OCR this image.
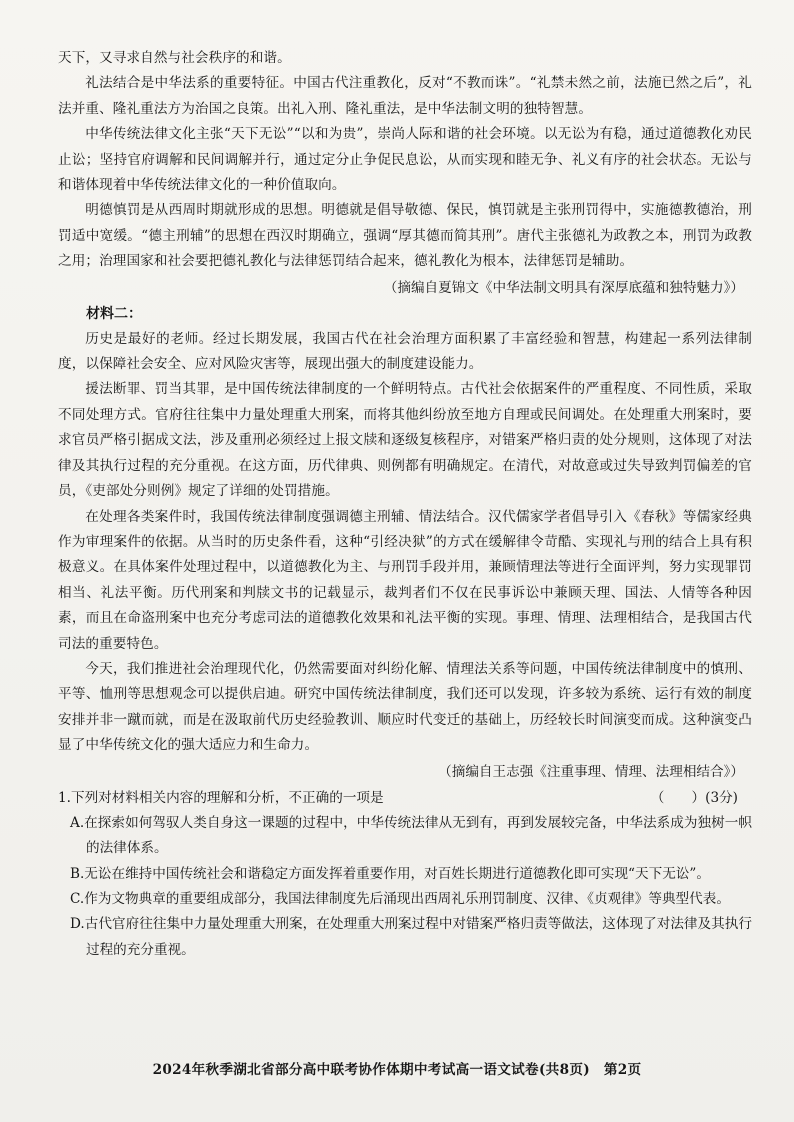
天下，又寻求自然与社会秩序的和谐。

礼法结合是中华法系的重要特征。中国古代注重教化，反对“不教而诛”。“礼禁未然之前，法施已然之后”，礼法并重、隆礼重法方为治国之良策。出礼入刑、隆礼重法，是中华法制文明的独特智慧。

中华传统法律文化主张“天下无讼”“以和为贵”，崇尚人际和谐的社会环境。以无讼为有稳，通过道德教化劝民止讼；坚持官府调解和民间调解并行，通过定分止争促民息讼，从而实现和睦无争、礼义有序的社会状态。无讼与和谐体现着中华传统法律文化的一种价值取向。

明德慎罚是从西周时期就形成的思想。明德就是倡导敬德、保民，慎罚就是主张刑罚得中，实施德教德治，刑罚适中宽缓。“德主刑辅”的思想在西汉时期确立，强调“厚其德而简其刑”。唐代主张德礼为政教之本，刑罚为政教之用；治理国家和社会要把德礼教化与法律惩罚结合起来，德礼教化为根本，法律惩罚是辅助。

（摘编自夏锦文《中华法制文明具有深厚底蕴和独特魅力》）

材料二：

历史是最好的老师。经过长期发展，我国古代在社会治理方面积累了丰富经验和智慧，构建起一系列法律制度，以保障社会安全、应对风险灾害等，展现出强大的制度建设能力。

援法断罪、罚当其罪，是中国传统法律制度的一个鲜明特点。古代社会依据案件的严重程度、不同性质，采取不同处理方式。官府往往集中力量处理重大刑案，而将其他纠纷放至地方自理或民间调处。在处理重大刑案时，要求官员严格引据成文法，涉及重刑必须经过上报文牍和逐级复核程序，对错案严格归责的处分规则，这体现了对法律及其执行过程的充分重视。在这方面，历代律典、则例都有明确规定。在清代，对故意或过失导致判罚偏差的官员，《吏部处分则例》规定了详细的处罚措施。

在处理各类案件时，我国传统法律制度强调德主刑辅、情法结合。汉代儒家学者倡导引入《春秋》等儒家经典作为审理案件的依据。从当时的历史条件看，这种“引经决狱”的方式在缓解律令苛酷、实现礼与刑的结合上具有积极意义。在具体案件处理过程中，以道德教化为主、与刑罚手段并用，兼顾情理法等进行全面评判，努力实现罪罚相当、礼法平衡。历代刑案和判牍文书的记载显示，裁判者们不仅在民事诉讼中兼顾天理、国法、人情等各种因素，而且在命盗刑案中也充分考虑司法的道德教化效果和礼法平衡的实现。事理、情理、法理相结合，是我国古代司法的重要特色。

今天，我们推进社会治理现代化，仍然需要面对纠纷化解、情理法关系等问题，中国传统法律制度中的慎刑、平等、恤刑等思想观念可以提供启迪。研究中国传统法律制度，我们还可以发现，许多较为系统、运行有效的制度安排并非一蹴而就，而是在汲取前代历史经验教训、顺应时代变迁的基础上，历经较长时间演变而成。这种演变凸显了中华传统文化的强大适应力和生命力。

（摘编自王志强《注重事理、情理、法理相结合》）

1.下列对材料相关内容的理解和分析，不正确的一项是	（　　）(3分)

A.在探索如何驾驭人类自身这一课题的过程中，中华传统法律从无到有，再到发展较完备，中华法系成为独树一帜的法律体系。

B.无讼在维持中国传统社会和谐稳定方面发挥着重要作用，对百姓长期进行道德教化即可实现“天下无讼”。

C.作为文物典章的重要组成部分，我国法律制度先后涌现出西周礼乐刑罚制度、汉律、《贞观律》等典型代表。

D.古代官府往往集中力量处理重大刑案，在处理重大刑案过程中对错案严格归责等做法，这体现了对法律及其执行过程的充分重视。

2024年秋季湖北省部分高中联考协作体期中考试高一语文试卷(共8页)　第2页
